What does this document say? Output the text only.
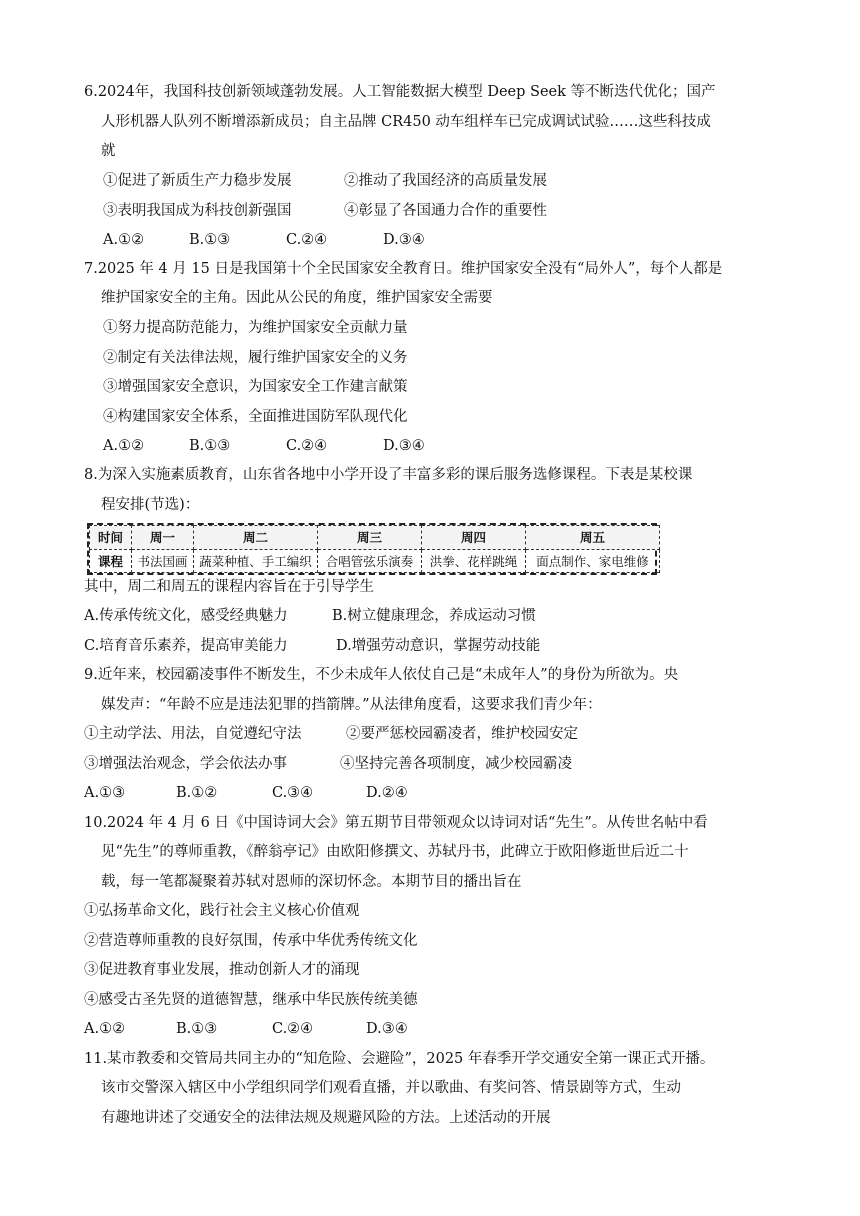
6.2024年，我国科技创新领域蓬勃发展。人工智能数据大模型 Deep Seek 等不断迭代优化；国产
人形机器人队列不断增添新成员；自主品牌 CR450 动车组样车已完成调试试验……这些科技成
就
①促进了新质生产力稳步发展	②推动了我国经济的高质量发展
③表明我国成为科技创新强国	④彰显了各国通力合作的重要性
A.①②	B.①③	C.②④	D.③④
7.2025 年 4 月 15 日是我国第十个全民国家安全教育日。维护国家安全没有“局外人”，每个人都是
维护国家安全的主角。因此从公民的角度，维护国家安全需要
①努力提高防范能力，为维护国家安全贡献力量
②制定有关法律法规，履行维护国家安全的义务
③增强国家安全意识，为国家安全工作建言献策
④构建国家安全体系，全面推进国防军队现代化
A.①②	B.①③	C.②④	D.③④
8.为深入实施素质教育，山东省各地中小学开设了丰富多彩的课后服务选修课程。下表是某校课
程安排(节选)：
时间	周一	周二	周三	周四	周五
课程	书法国画	蔬菜种植、手工编织	合唱管弦乐演奏	洪拳、花样跳绳	面点制作、家电维修
其中，周二和周五的课程内容旨在于引导学生
A.传承传统文化，感受经典魅力	B.树立健康理念，养成运动习惯
C.培育音乐素养，提高审美能力	D.增强劳动意识，掌握劳动技能
9.近年来，校园霸凌事件不断发生，不少未成年人依仗自己是“未成年人”的身份为所欲为。央
媒发声：“年龄不应是违法犯罪的挡箭牌。”从法律角度看，这要求我们青少年：
①主动学法、用法，自觉遵纪守法	②要严惩校园霸凌者，维护校园安定
③增强法治观念，学会依法办事	④坚持完善各项制度，减少校园霸凌
A.①③	B.①②	C.③④	D.②④
10.2024 年 4 月 6 日《中国诗词大会》第五期节目带领观众以诗词对话“先生”。从传世名帖中看
见“先生”的尊师重教，《醉翁亭记》由欧阳修撰文、苏轼丹书，此碑立于欧阳修逝世后近二十
载，每一笔都凝聚着苏轼对恩师的深切怀念。本期节目的播出旨在
①弘扬革命文化，践行社会主义核心价值观
②营造尊师重教的良好氛围，传承中华优秀传统文化
③促进教育事业发展，推动创新人才的涌现
④感受古圣先贤的道德智慧，继承中华民族传统美德
A.①②	B.①③	C.②④	D.③④
11.某市教委和交管局共同主办的“知危险、会避险”，2025 年春季开学交通安全第一课正式开播。
该市交警深入辖区中小学组织同学们观看直播，并以歌曲、有奖问答、情景剧等方式，生动
有趣地讲述了交通安全的法律法规及规避风险的方法。上述活动的开展
